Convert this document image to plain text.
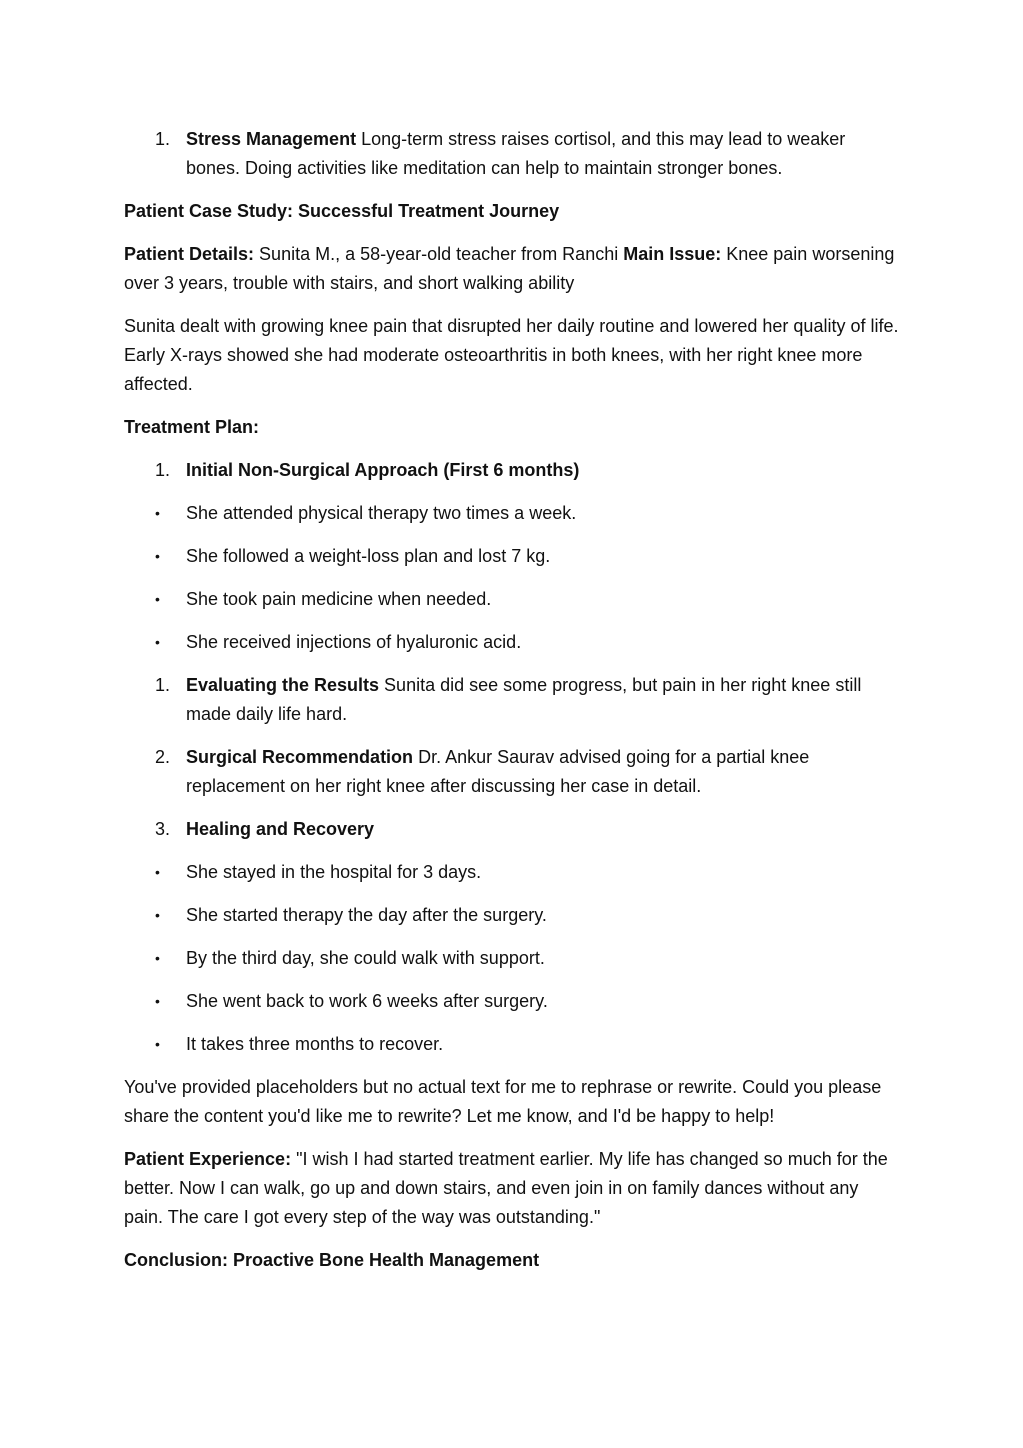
1. Stress Management Long-term stress raises cortisol, and this may lead to weaker bones. Doing activities like meditation can help to maintain stronger bones.

Patient Case Study: Successful Treatment Journey

Patient Details: Sunita M., a 58-year-old teacher from Ranchi Main Issue: Knee pain worsening over 3 years, trouble with stairs, and short walking ability

Sunita dealt with growing knee pain that disrupted her daily routine and lowered her quality of life. Early X-rays showed she had moderate osteoarthritis in both knees, with her right knee more affected.

Treatment Plan:

1. Initial Non-Surgical Approach (First 6 months)
• She attended physical therapy two times a week.
• She followed a weight-loss plan and lost 7 kg.
• She took pain medicine when needed.
• She received injections of hyaluronic acid.
1. Evaluating the Results Sunita did see some progress, but pain in her right knee still made daily life hard.
2. Surgical Recommendation Dr. Ankur Saurav advised going for a partial knee replacement on her right knee after discussing her case in detail.
3. Healing and Recovery
• She stayed in the hospital for 3 days.
• She started therapy the day after the surgery.
• By the third day, she could walk with support.
• She went back to work 6 weeks after surgery.
• It takes three months to recover.

You've provided placeholders but no actual text for me to rephrase or rewrite. Could you please share the content you'd like me to rewrite? Let me know, and I'd be happy to help!

Patient Experience: "I wish I had started treatment earlier. My life has changed so much for the better. Now I can walk, go up and down stairs, and even join in on family dances without any pain. The care I got every step of the way was outstanding."

Conclusion: Proactive Bone Health Management
